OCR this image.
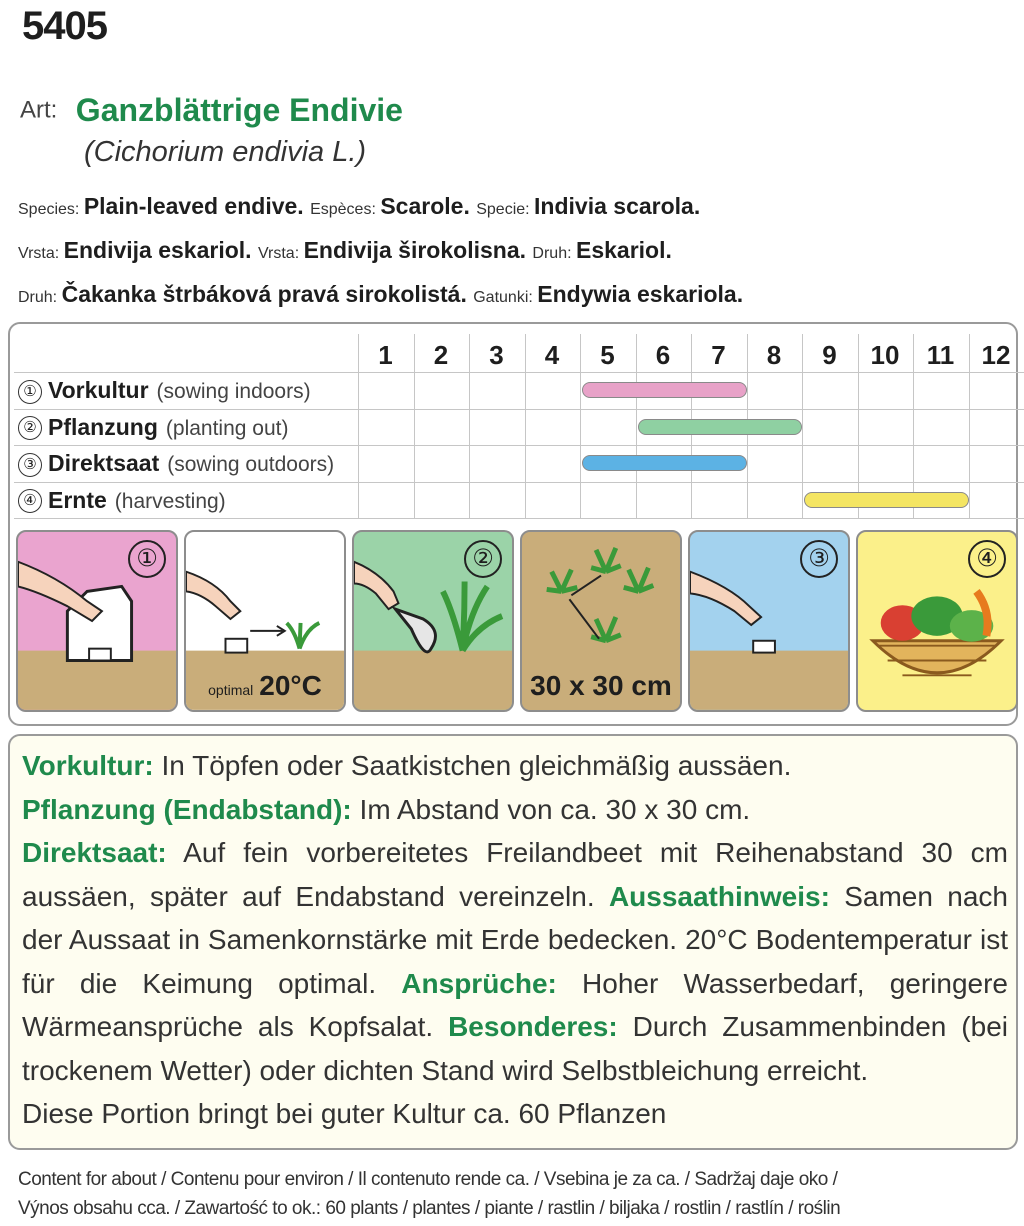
5405
Art: Ganzblättrige Endivie
(Cichorium endivia L.)
Species: Plain-leaved endive. Espèces: Scarole. Specie: Indivia scarola.
Vrsta: Endivija eskariol. Vrsta: Endivija širokolisna. Druh: Eskariol.
Druh: Čakanka štrbáková pravá sirokolistá. Gatunki: Endywia eskariola.
1	2	3	4	5	6	7	8	9	10	11	12
① Vorkultur (sowing indoors)
② Pflanzung (planting out)
③ Direktsaat (sowing outdoors)
④ Ernte (harvesting)
①
optimal 20°C
②
30 x 30 cm
③	④

Vorkultur: In Töpfen oder Saatkistchen gleichmäßig aussäen.

Pflanzung (Endabstand): Im Abstand von ca. 30 x 30 cm.

Direktsaat: Auf fein vorbereitetes Freilandbeet mit Reihenabstand 30 cm aussäen, später auf Endabstand vereinzeln. Aussaathinweis: Samen nach der Aussaat in Samenkornstärke mit Erde bedecken. 20°C Bodentemperatur ist für die Keimung optimal. Ansprüche: Hoher Wasserbedarf, geringere Wärmeansprüche als Kopfsalat. Besonderes: Durch Zusammenbinden (bei trockenem Wetter) oder dichten Stand wird Selbstbleichung erreicht.

Diese Portion bringt bei guter Kultur ca. 60 Pflanzen

Content for about / Contenu pour environ / Il contenuto rende ca. / Vsebina je za ca. / Sadržaj daje oko /
Výnos obsahu cca. / Zawartość to ok.: 60 plants / plantes / piante / rastlin / biljaka / rostlin / rastlín / roślin
